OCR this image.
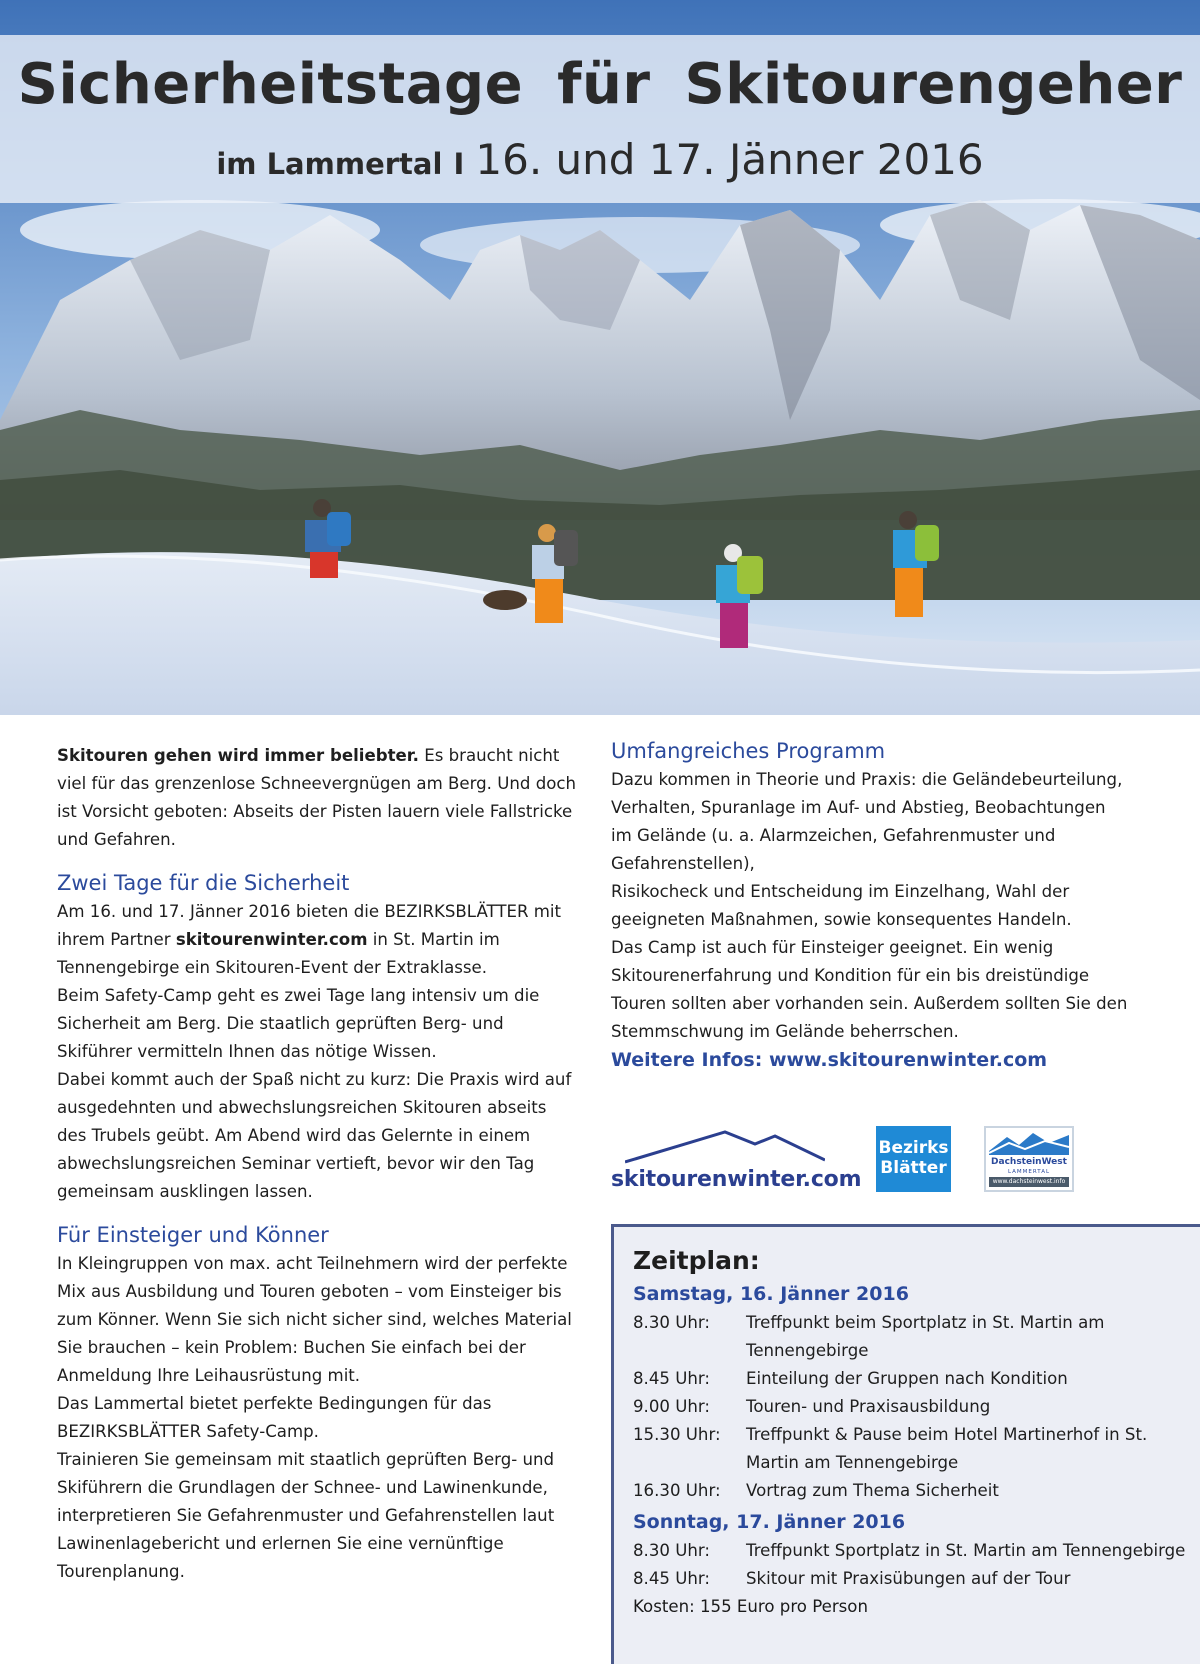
Sicherheitstage für Skitourengeher
im Lammertal I 16. und 17. Jänner 2016

Skitouren gehen wird immer beliebter. Es braucht nicht viel für das grenzenlose Schneevergnügen am Berg. Und doch ist Vorsicht geboten: Abseits der Pisten lauern viele Fallstricke und Gefahren.

Zwei Tage für die Sicherheit

Am 16. und 17. Jänner 2016 bieten die BEZIRKSBLÄTTER mit ihrem Partner skitourenwinter.com in St. Martin im Tennengebirge ein Skitouren-Event der Extraklasse.

Beim Safety-Camp geht es zwei Tage lang intensiv um die Sicherheit am Berg. Die staatlich geprüften Berg- und Skiführer vermitteln Ihnen das nötige Wissen.

Dabei kommt auch der Spaß nicht zu kurz: Die Praxis wird auf ausgedehnten und abwechslungsreichen Skitouren abseits des Trubels geübt. Am Abend wird das Gelernte in einem abwechslungsreichen Seminar vertieft, bevor wir den Tag gemeinsam ausklingen lassen.

Für Einsteiger und Könner

In Kleingruppen von max. acht Teilnehmern wird der perfekte Mix aus Ausbildung und Touren geboten – vom Einsteiger bis zum Könner. Wenn Sie sich nicht sicher sind, welches Material Sie brauchen – kein Problem: Buchen Sie einfach bei der Anmeldung Ihre Leihausrüstung mit.

Das Lammertal bietet perfekte Bedingungen für das BEZIRKSBLÄTTER Safety-Camp.

Trainieren Sie gemeinsam mit staatlich geprüften Berg- und Skiführern die Grundlagen der Schnee- und Lawinenkunde, interpretieren Sie Gefahrenmuster und Gefahrenstellen laut Lawinenlagebericht und erlernen Sie eine vernünftige Tourenplanung.

Umfangreiches Programm

Dazu kommen in Theorie und Praxis: die Geländebeurteilung, Verhalten, Spuranlage im Auf- und Abstieg, Beobachtungen im Gelände (u. a. Alarmzeichen, Gefahrenmuster und Gefahrenstellen),

Risikocheck und Entscheidung im Einzelhang, Wahl der geeigneten Maßnahmen, sowie konsequentes Handeln.

Das Camp ist auch für Einsteiger geeignet. Ein wenig Skitourenerfahrung und Kondition für ein bis dreistündige Touren sollten aber vorhanden sein. Außerdem sollten Sie den Stemmschwung im Gelände beherrschen.

Weitere Infos: www.skitourenwinter.com

skitourenwinter.com
Bezirks
Blätter	DachsteinWest
LAMMERTAL
www.dachsteinwest.info
Zeitplan:
Samstag, 16. Jänner 2016
8.30 Uhr:	Treffpunkt beim Sportplatz in St. Martin am Tennengebirge
8.45 Uhr:	Einteilung der Gruppen nach Kondition
9.00 Uhr:	Touren- und Praxisausbildung
15.30 Uhr:	Treffpunkt & Pause beim Hotel Martinerhof in St. Martin am Tennengebirge
16.30 Uhr:	Vortrag zum Thema Sicherheit
Sonntag, 17. Jänner 2016
8.30 Uhr:	Treffpunkt Sportplatz in St. Martin am Tennengebirge
8.45 Uhr:	Skitour mit Praxisübungen auf der Tour
Kosten: 155 Euro pro Person
